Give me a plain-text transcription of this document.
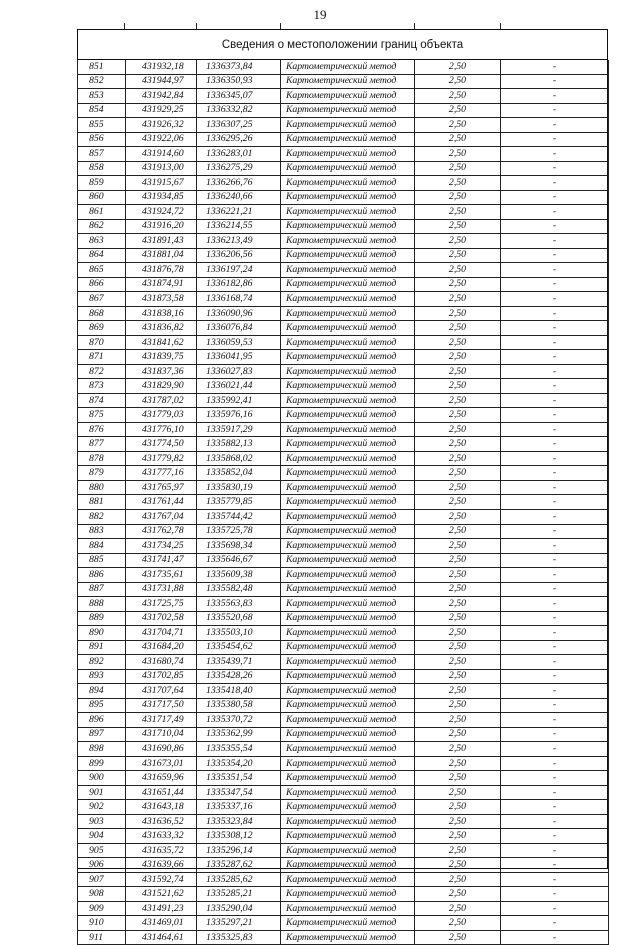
19
Сведения о местоположении границ объекта
851	431932,18	1336373,84	Картометрический метод	2,50	-
852	431944,97	1336350,93	Картометрический метод	2,50	-
853	431942,84	1336345,07	Картометрический метод	2,50	-
854	431929,25	1336332,82	Картометрический метод	2,50	-
855	431926,32	1336307,25	Картометрический метод	2,50	-
856	431922,06	1336295,26	Картометрический метод	2,50	-
857	431914,60	1336283,01	Картометрический метод	2,50	-
858	431913,00	1336275,29	Картометрический метод	2,50	-
859	431915,67	1336266,76	Картометрический метод	2,50	-
860	431934,85	1336240,66	Картометрический метод	2,50	-
861	431924,72	1336221,21	Картометрический метод	2,50	-
862	431916,20	1336214,55	Картометрический метод	2,50	-
863	431891,43	1336213,49	Картометрический метод	2,50	-
864	431881,04	1336206,56	Картометрический метод	2,50	-
865	431876,78	1336197,24	Картометрический метод	2,50	-
866	431874,91	1336182,86	Картометрический метод	2,50	-
867	431873,58	1336168,74	Картометрический метод	2,50	-
868	431838,16	1336090,96	Картометрический метод	2,50	-
869	431836,82	1336076,84	Картометрический метод	2,50	-
870	431841,62	1336059,53	Картометрический метод	2,50	-
871	431839,75	1336041,95	Картометрический метод	2,50	-
872	431837,36	1336027,83	Картометрический метод	2,50	-
873	431829,90	1336021,44	Картометрический метод	2,50	-
874	431787,02	1335992,41	Картометрический метод	2,50	-
875	431779,03	1335976,16	Картометрический метод	2,50	-
876	431776,10	1335917,29	Картометрический метод	2,50	-
877	431774,50	1335882,13	Картометрический метод	2,50	-
878	431779,82	1335868,02	Картометрический метод	2,50	-
879	431777,16	1335852,04	Картометрический метод	2,50	-
880	431765,97	1335830,19	Картометрический метод	2,50	-
881	431761,44	1335779,85	Картометрический метод	2,50	-
882	431767,04	1335744,42	Картометрический метод	2,50	-
883	431762,78	1335725,78	Картометрический метод	2,50	-
884	431734,25	1335698,34	Картометрический метод	2,50	-
885	431741,47	1335646,67	Картометрический метод	2,50	-
886	431735,61	1335609,38	Картометрический метод	2,50	-
887	431731,88	1335582,48	Картометрический метод	2,50	-
888	431725,75	1335563,83	Картометрический метод	2,50	-
889	431702,58	1335520,68	Картометрический метод	2,50	-
890	431704,71	1335503,10	Картометрический метод	2,50	-
891	431684,20	1335454,62	Картометрический метод	2,50	-
892	431680,74	1335439,71	Картометрический метод	2,50	-
893	431702,85	1335428,26	Картометрический метод	2,50	-
894	431707,64	1335418,40	Картометрический метод	2,50	-
895	431717,50	1335380,58	Картометрический метод	2,50	-
896	431717,49	1335370,72	Картометрический метод	2,50	-
897	431710,04	1335362,99	Картометрический метод	2,50	-
898	431690,86	1335355,54	Картометрический метод	2,50	-
899	431673,01	1335354,20	Картометрический метод	2,50	-
900	431659,96	1335351,54	Картометрический метод	2,50	-
901	431651,44	1335347,54	Картометрический метод	2,50	-
902	431643,18	1335337,16	Картометрический метод	2,50	-
903	431636,52	1335323,84	Картометрический метод	2,50	-
904	431633,32	1335308,12	Картометрический метод	2,50	-
905	431635,72	1335296,14	Картометрический метод	2,50	-
906	431639,66	1335287,62	Картометрический метод	2,50	-
907	431592,74	1335285,62	Картометрический метод	2,50	-
908	431521,62	1335285,21	Картометрический метод	2,50	-
909	431491,23	1335290,04	Картометрический метод	2,50	-
910	431469,01	1335297,21	Картометрический метод	2,50	-
911	431464,61	1335325,83	Картометрический метод	2,50	-
